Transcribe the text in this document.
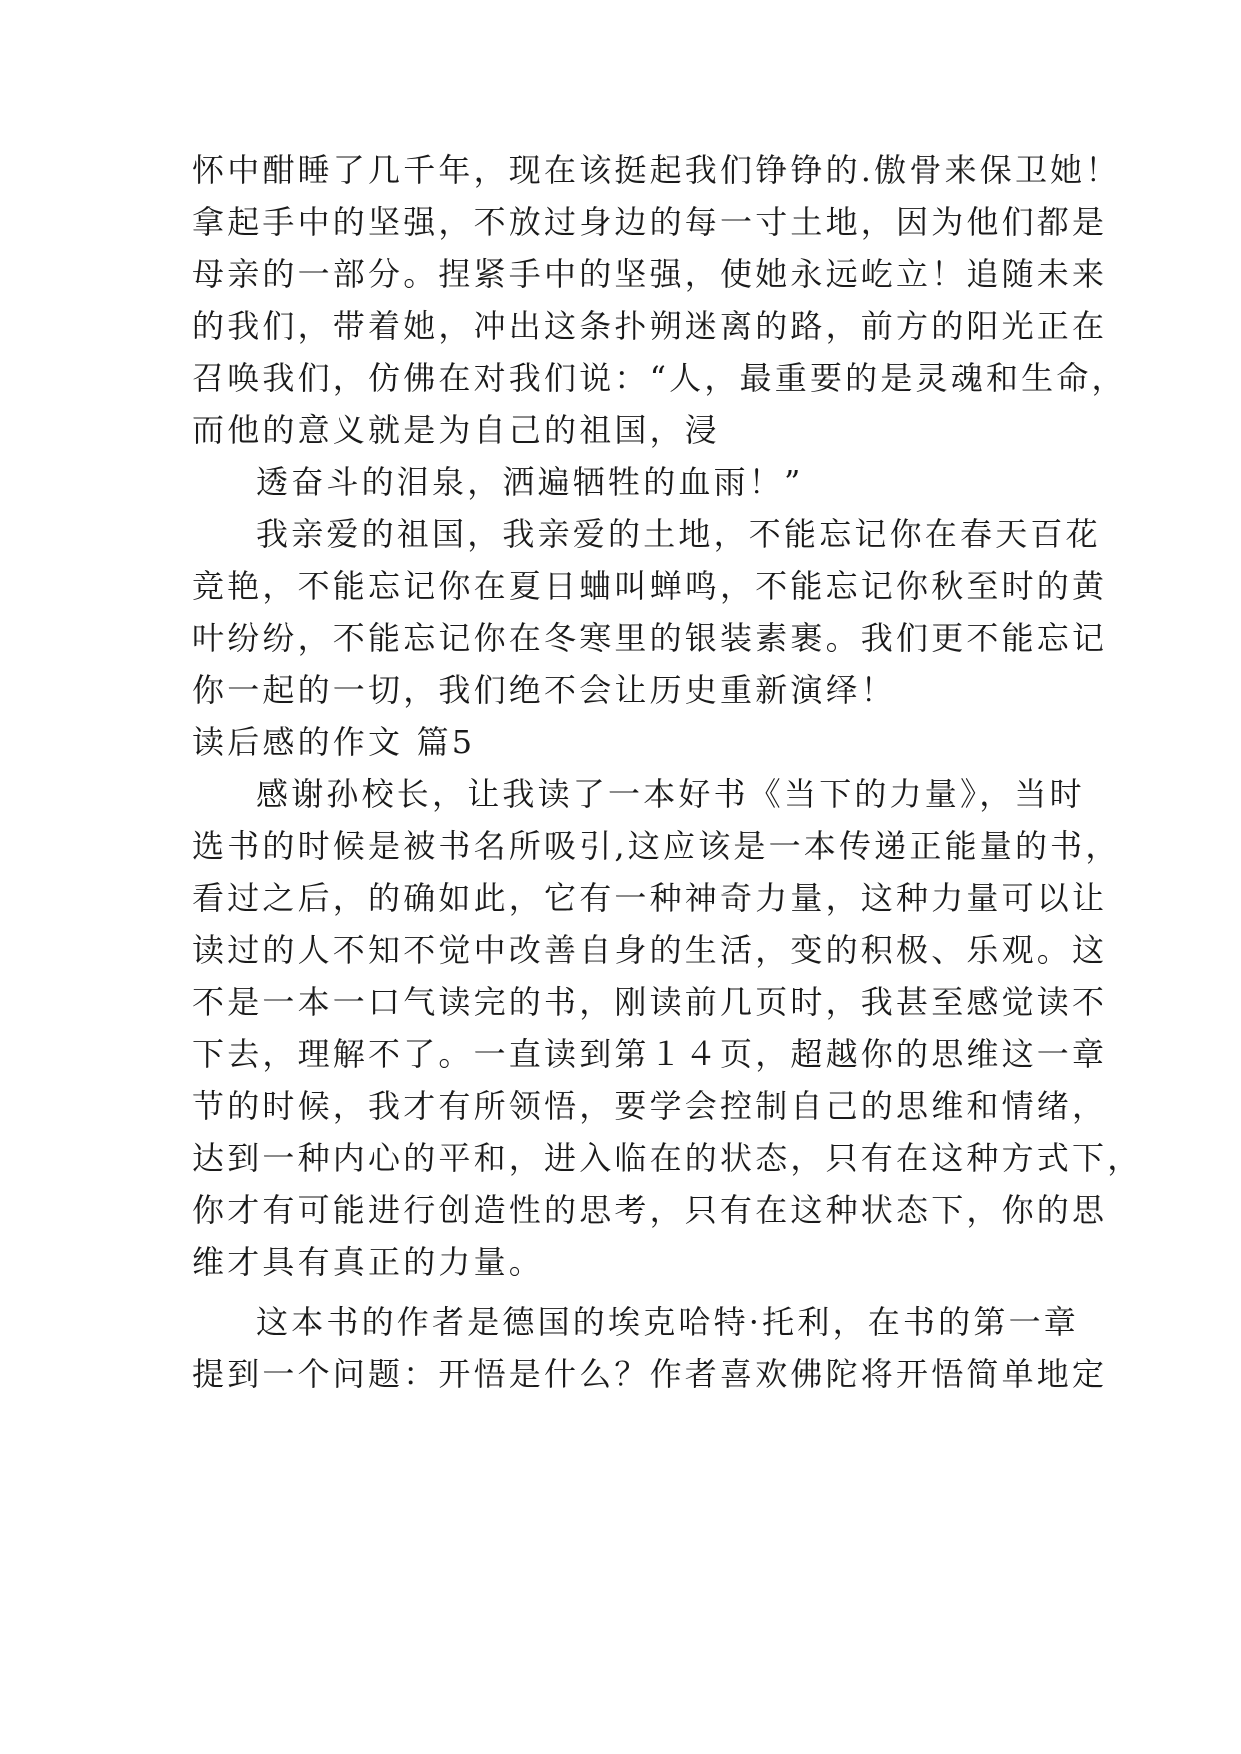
怀中酣睡了几千年，现在该挺起我们铮铮的.傲骨来保卫她！
拿起手中的坚强，不放过身边的每一寸土地，因为他们都是
母亲的一部分。捏紧手中的坚强，使她永远屹立！追随未来
的我们，带着她，冲出这条扑朔迷离的路，前方的阳光正在
召唤我们，仿佛在对我们说：“人，最重要的是灵魂和生命，
而他的意义就是为自己的祖国，浸
透奋斗的泪泉，洒遍牺牲的血雨！”
我亲爱的祖国，我亲爱的土地，不能忘记你在春天百花
竞艳，不能忘记你在夏日蛐叫蝉鸣，不能忘记你秋至时的黄
叶纷纷，不能忘记你在冬寒里的银装素裹。我们更不能忘记
你一起的一切，我们绝不会让历史重新演绎！
读后感的作文 篇5
感谢孙校长，让我读了一本好书《当下的力量》，当时
选书的时候是被书名所吸引,这应该是一本传递正能量的书，
看过之后，的确如此，它有一种神奇力量，这种力量可以让
读过的人不知不觉中改善自身的生活，变的积极、乐观。这
不是一本一口气读完的书，刚读前几页时，我甚至感觉读不
下去，理解不了。一直读到第１４页，超越你的思维这一章
节的时候，我才有所领悟，要学会控制自己的思维和情绪，
达到一种内心的平和，进入临在的状态，只有在这种方式下，
你才有可能进行创造性的思考，只有在这种状态下，你的思
维才具有真正的力量。
这本书的作者是德国的埃克哈特·托利，在书的第一章
提到一个问题：开悟是什么？作者喜欢佛陀将开悟简单地定
